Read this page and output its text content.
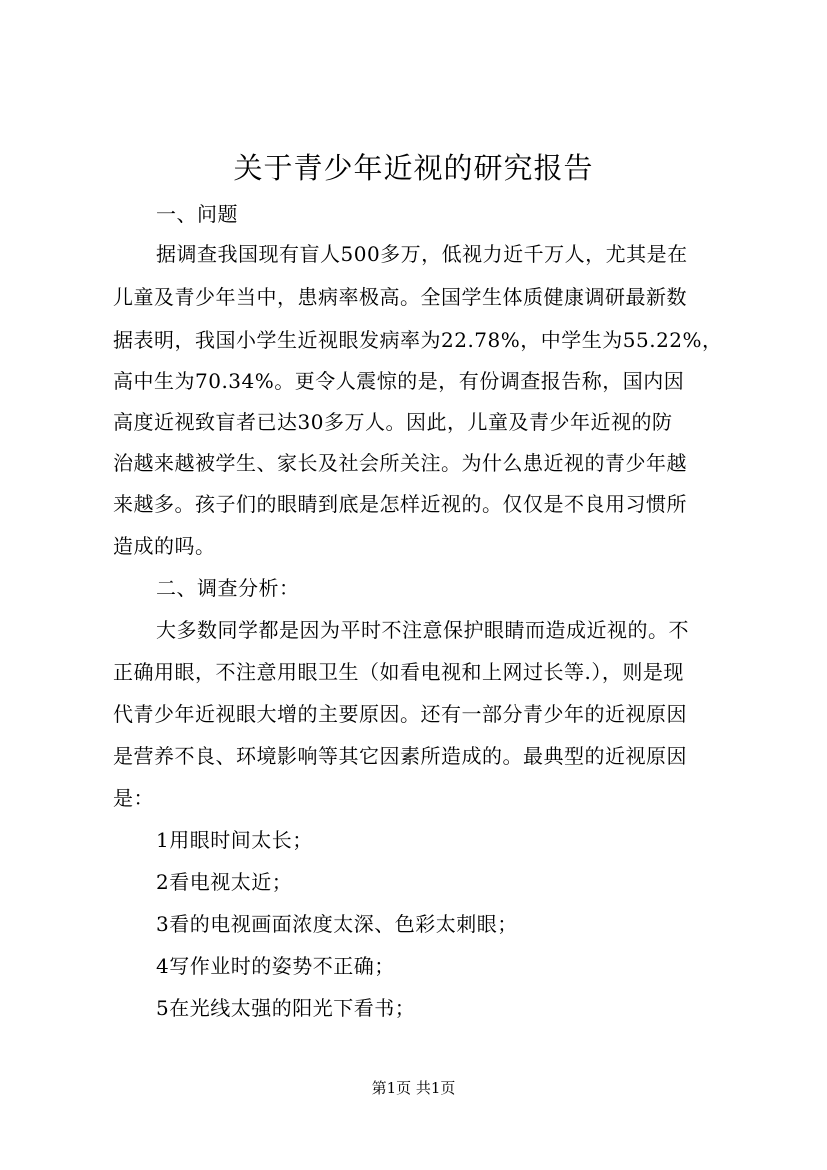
关于青少年近视的研究报告
一、问题
据调查我国现有盲人500多万，低视力近千万人，尤其是在
儿童及青少年当中，患病率极高。全国学生体质健康调研最新数
据表明，我国小学生近视眼发病率为22.78%，中学生为55.22%，
高中生为70.34%。更令人震惊的是，有份调查报告称，国内因
高度近视致盲者已达30多万人。因此，儿童及青少年近视的防
治越来越被学生、家长及社会所关注。为什么患近视的青少年越
来越多。孩子们的眼睛到底是怎样近视的。仅仅是不良用习惯所
造成的吗。
二、调查分析：
大多数同学都是因为平时不注意保护眼睛而造成近视的。不
正确用眼，不注意用眼卫生（如看电视和上网过长等.），则是现
代青少年近视眼大增的主要原因。还有一部分青少年的近视原因
是营养不良、环境影响等其它因素所造成的。最典型的近视原因
是：
1用眼时间太长；
2看电视太近；
3看的电视画面浓度太深、色彩太刺眼；
4写作业时的姿势不正确；
5在光线太强的阳光下看书；
第1页 共1页
